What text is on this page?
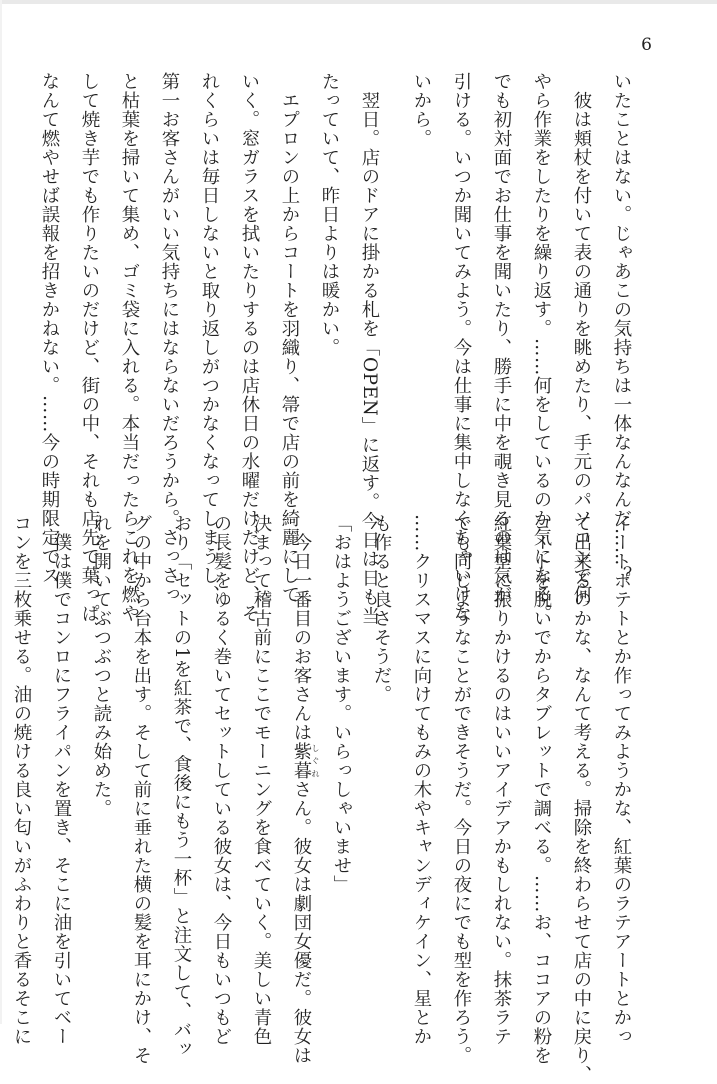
6

いたことはない。じゃあこの気持ちは一体なんなんだ……？

　彼は頬杖を付いて表の通りを眺めたり、手元のパソコンで何

やら作業をしたりを繰り返す。……何をしているのか気になる。

でも初対面でお仕事を聞いたり、勝手に中を覗き見るのは気が

引ける。いつか聞いてみよう。今は仕事に集中しなくちゃいけな

いから。

　翌日。店のドアに掛かる札を「OPEN」に返す。今日は日も当

たっていて、昨日よりは暖かい。

　エプロンの上からコートを羽織り、箒で店の前を綺麗にして

いく。窓ガラスを拭いたりするのは店休日の水曜だけだけど、そ

れくらいは毎日しないと取り返しがつかなくなってしまうし、

第一お客さんがいい気持ちにはならないだろうから。さっさっ

と枯葉を掃いて集め、ゴミ袋に入れる。本当だったらこれを燃や

して焼き芋でも作りたいのだけど、街の中、それも店先で葉っぱ

なんて燃やせば誤報を招きかねない。……今の時期限定でス

イートポテトとか作ってみようかな、紅葉のラテアートとかっ

て出来るのかな、なんて考える。掃除を終わらせて店の中に戻り、

コートを脱いでからタブレットで調べる。……お、ココアの粉を

紅葉型に振りかけるのはいいアイデアかもしれない。抹茶ラテ

でも同じようなことができそうだ。今日の夜にでも型を作ろう。

……クリスマスに向けてもみの木やキャンディケイン、星とか

も作ると良さそうだ。

「おはようございます。いらっしゃいませ」

　今日一番目のお客さんは紫暮 しぐれさん。彼女は劇団女優だ。彼女は

決まって稽古前にここでモーニングを食べていく。美しい青色

の長髪をゆるく巻いてセットしている彼女は、今日もいつもど

おり「セットの1を紅茶で、食後にもう一杯」と注文して、バッ

グの中から台本を出す。そして前に垂れた横の髪を耳にかけ、そ

れを開いてぶつぶつと読み始めた。

　僕は僕でコンロにフライパンを置き、そこに油を引いてベー

コンを三枚乗せる。油の焼ける良い匂いがふわりと香るそこに
